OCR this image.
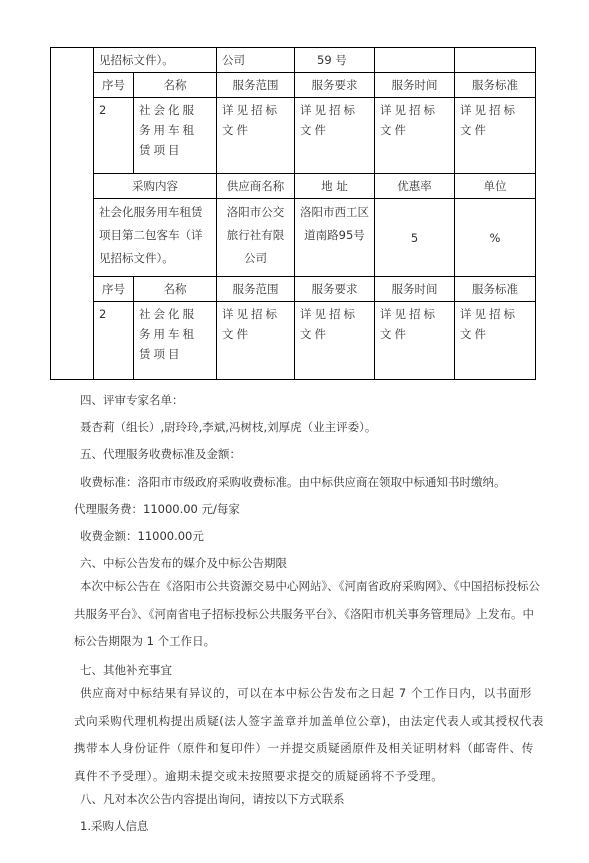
	见招标文件）。		公司	59 号		
	序号	名称	服务范围	服务要求	服务时间	服务标准
	2	社会化服务用车租赁项目	详见招标文件	详见招标文件	详见招标文件	详见招标文件
	采购内容		供应商名称	地 址	优惠率	单位
	社会化服务用车租赁项目第二包客车（详见招标文件）。		洛阳市公交旅行社有限公司	洛阳市西工区道南路95号	5	%
	序号	名称	服务范围	服务要求	服务时间	服务标准
	2	社会化服务用车租赁项目	详见招标文件	详见招标文件	详见招标文件	详见招标文件
四、评审专家名单：
聂杏莉（组长）,尉玲玲,李斌,冯树枝,刘厚虎（业主评委）。
五、代理服务收费标准及金额：
收费标准：洛阳市市级政府采购收费标准。由中标供应商在领取中标通知书时缴纳。
代理服务费：11000.00 元/每家
收费金额：11000.00元
六、中标公告发布的媒介及中标公告期限
本次中标公告在《洛阳市公共资源交易中心网站》、《河南省政府采购网》、《中国招标投标公共服务平台》、《河南省电子招标投标公共服务平台》、《洛阳市机关事务管理局》上发布。中标公告期限为 1 个工作日。
七、其他补充事宜
供应商对中标结果有异议的，可以在本中标公告发布之日起 7 个工作日内，以书面形式向采购代理机构提出质疑(法人签字盖章并加盖单位公章)，由法定代表人或其授权代表携带本人身份证件（原件和复印件）一并提交质疑函原件及相关证明材料（邮寄件、传真件不予受理）。逾期未提交或未按照要求提交的质疑函将不予受理。
八、凡对本次公告内容提出询问，请按以下方式联系
1.采购人信息
